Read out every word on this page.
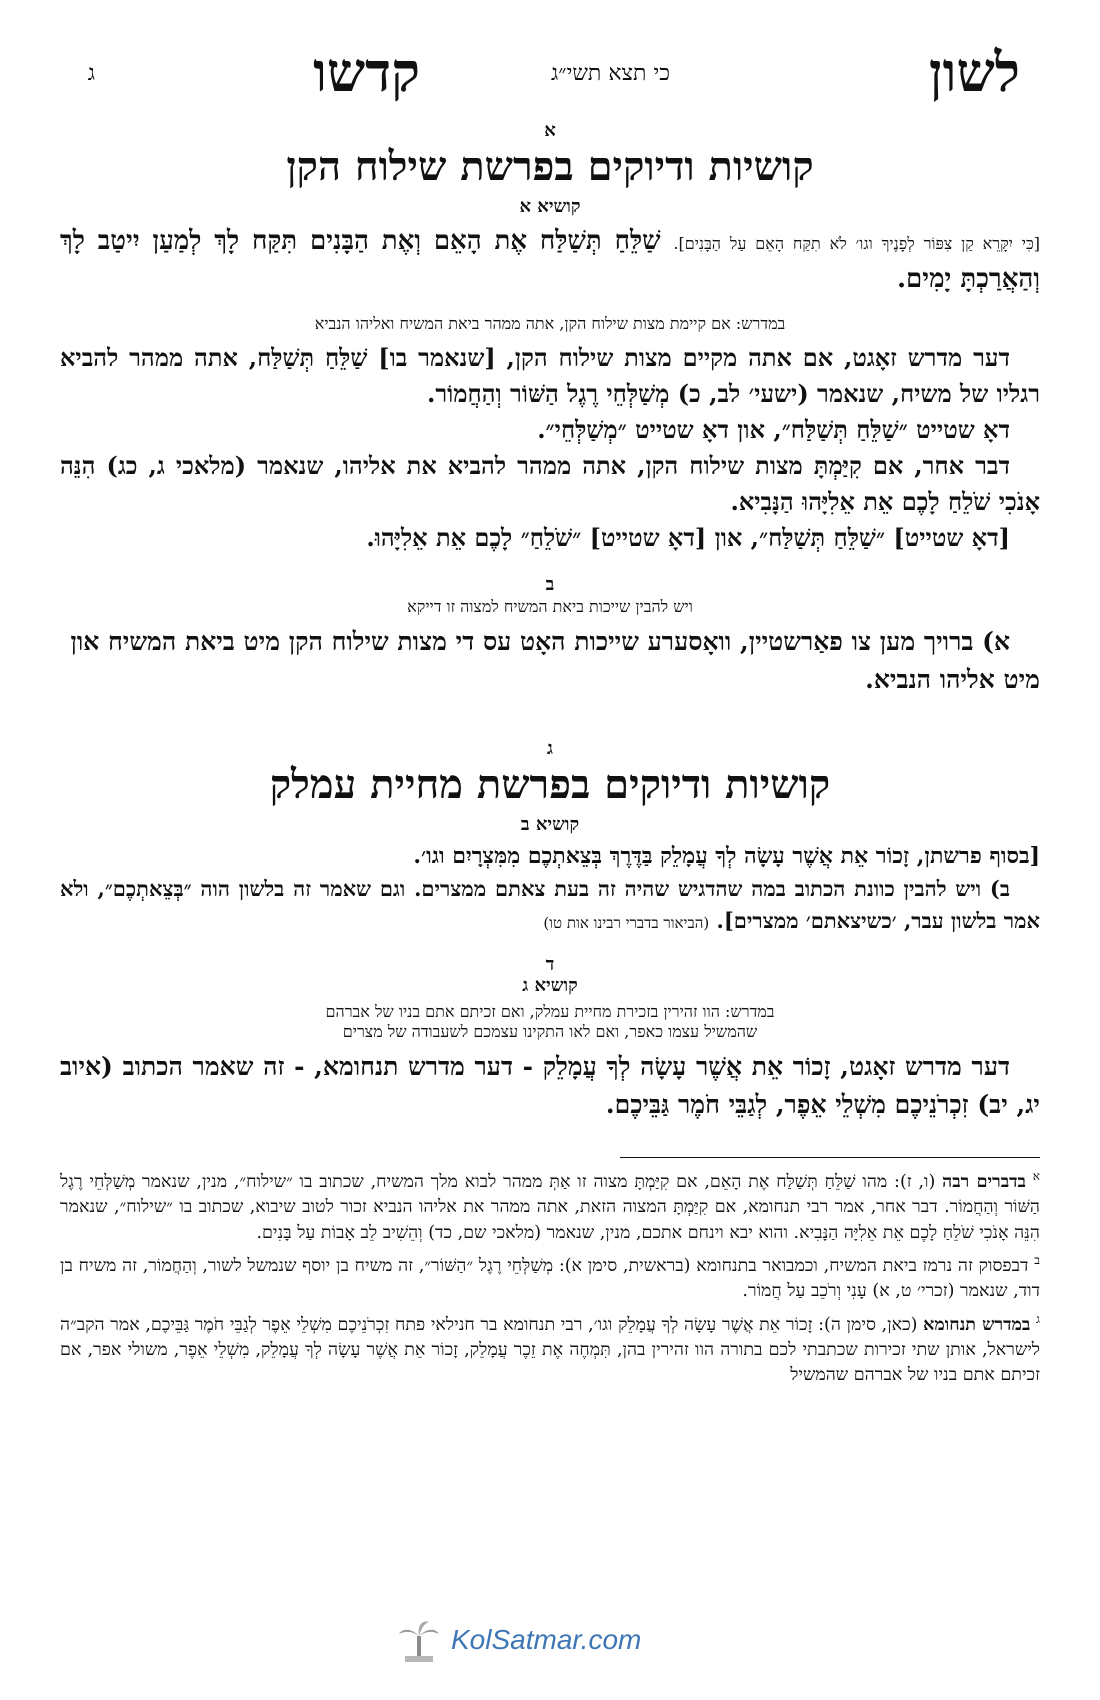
לשון
כי תצא תשי״ג
קדשו
ג
א
קושיות ודיוקים בפרשת שילוח הקן
קושיא א
[כִּי יִקָּרֵא קַן צִפּוֹר לְפָנֶיךָ וגו׳ לֹא תִקַּח הָאֵם עַל הַבָּנִים]. שַׁלֵּחַ תְּשַׁלַּח אֶת הָאֵם וְאֶת הַבָּנִים תִּקַּח לָךְ לְמַעַן יִיטַב לָךְ וְהַאֲרַכְתָּ יָמִים.
במדרש: אם קיימת מצות שילוח הקן, אתה ממהר ביאת המשיח ואליהו הנביא
דער מדרש זאָגט, אם אתה מקיים מצות שילוח הקן, [שנאמר בו] שַׁלֵּחַ תְּשַׁלַּח, אתה ממהר להביא רגליו של משיח, שנאמר (ישעי׳ לב, כ) מְשַׁלְּחֵי רֶגֶל הַשּׁוֹר וְהַחֲמוֹר.
דאָ שטייט ״שַׁלֵּחַ תְּשַׁלַּח״, און דאָ שטייט ״מְשַׁלְּחֵי״.
דבר אחר, אם קִיַּמְתָּ מצות שילוח הקן, אתה ממהר להביא את אליהו, שנאמר (מלאכי ג, כג) הִנֵּה אָנֹכִי שֹׁלֵחַ לָכֶם אֵת אֵלִיָּהוּ הַנָּבִיא.
[דאָ שטייט] ״שַׁלֵּחַ תְּשַׁלַּח״, און [דאָ שטייט] ״שֹׁלֵחַ״ לָכֶם אֵת אֵלִיָּהוּ.
ב
ויש להבין שייכות ביאת המשיח למצוה זו דייקא
א) ברויך מען צו פאַרשטיין, וואָסערע שייכות האָט עס די מצות שילוח הקן מיט ביאת המשיח און מיט אליהו הנביא.
ג
קושיות ודיוקים בפרשת מחיית עמלק
קושיא ב
[בסוף פרשתן, זָכוֹר אֵת אֲשֶׁר עָשָׂה לְךָ עֲמָלֵק בַּדֶּרֶךְ בְּצֵאתְכֶם מִמִּצְרָיִם וגו׳.
ב) ויש להבין כוונת הכתוב במה שהדגיש שהיה זה בעת צאתם ממצרים. וגם שאמר זה בלשון הוה ״בְּצֵאתְכֶם״, ולא אמר בלשון עבר, ׳כשיצאתם׳ ממצרים]. (הביאור בדברי רבינו אות טו)
ד
קושיא ג
במדרש: הוו זהירין בזכירת מחיית עמלק, ואם זכיתם אתם בניו של אברהם
שהמשיל עצמו כאפר, ואם לאו התקינו עצמכם לשעבודה של מצרים
דער מדרש זאָגט, זָכוֹר אֵת אֲשֶׁר עָשָׂה לְךָ עֲמָלֵק - דער מדרש תנחומא, - זה שאמר הכתוב (איוב יג, יב) זִכְרֹנֵיכֶם מִשְׁלֵי אֵפֶר, לְגַבֵּי חֹמֶר גַּבֵּיכֶם.
$^א$ בדברים רבה (ו, ז): מהו שַׁלֵּחַ תְּשַׁלַּח אֶת הָאֵם, אם קִיַּמְתָּ מצוה זו אַתְּ ממהר לבוא מלך המשיח, שכתוב בו ״שילוח״, מנין, שנאמר מְשַׁלְּחֵי רֶגֶל הַשּׁוֹר וְהַחֲמוֹר. דבר אחר, אמר רבי תנחומא, אם קִיַּמְתָּ המצוה הזאת, אתה ממהר את אליהו הנביא זכור לטוב שיבוא, שכתוב בו ״שילוח״, שנאמר הִנֵּה אָנֹכִי שֹׁלֵחַ לָכֶם אֵת אֵלִיָּה הַנָּבִיא. והוא יבא וינחם אתכם, מנין, שנאמר (מלאכי שם, כד) וְהֵשִׁיב לֵב אָבוֹת עַל בָּנִים.
$^ב$ דבפסוק זה נרמז ביאת המשיח, וכמבואר בתנחומא (בראשית, סימן א): מְשַׁלְּחֵי רֶגֶל ״הַשּׁוֹר״, זה משיח בן יוסף שנמשל לשור, וְהַחֲמוֹר, זה משיח בן דוד, שנאמר (זכרי׳ ט, א) עָנִי וְרֹכֵב עַל חֲמוֹר.
$^ג$ במדרש תנחומא (כאן, סימן ה): זָכוֹר אֵת אֲשֶׁר עָשָׂה לְךָ עֲמָלֵק וגו׳, רבי תנחומא בר חנילאי פתח זִכְרֹנֵיכֶם מִשְׁלֵי אֵפֶר לְגַבֵּי חֹמֶר גַּבֵּיכֶם, אמר הקב״ה לישראל, אותן שתי זכירות שכתבתי לכם בתורה הוו זהירין בהן, תִּמְחֶה אֶת זֵכֶר עֲמָלֵק, זָכוֹר אֵת אֲשֶׁר עָשָׂה לְךָ עֲמָלֵק, מִשְׁלֵי אֵפֶר, משולי אפר, אם זכיתם אתם בניו של אברהם שהמשיל
KolSatmar.com
